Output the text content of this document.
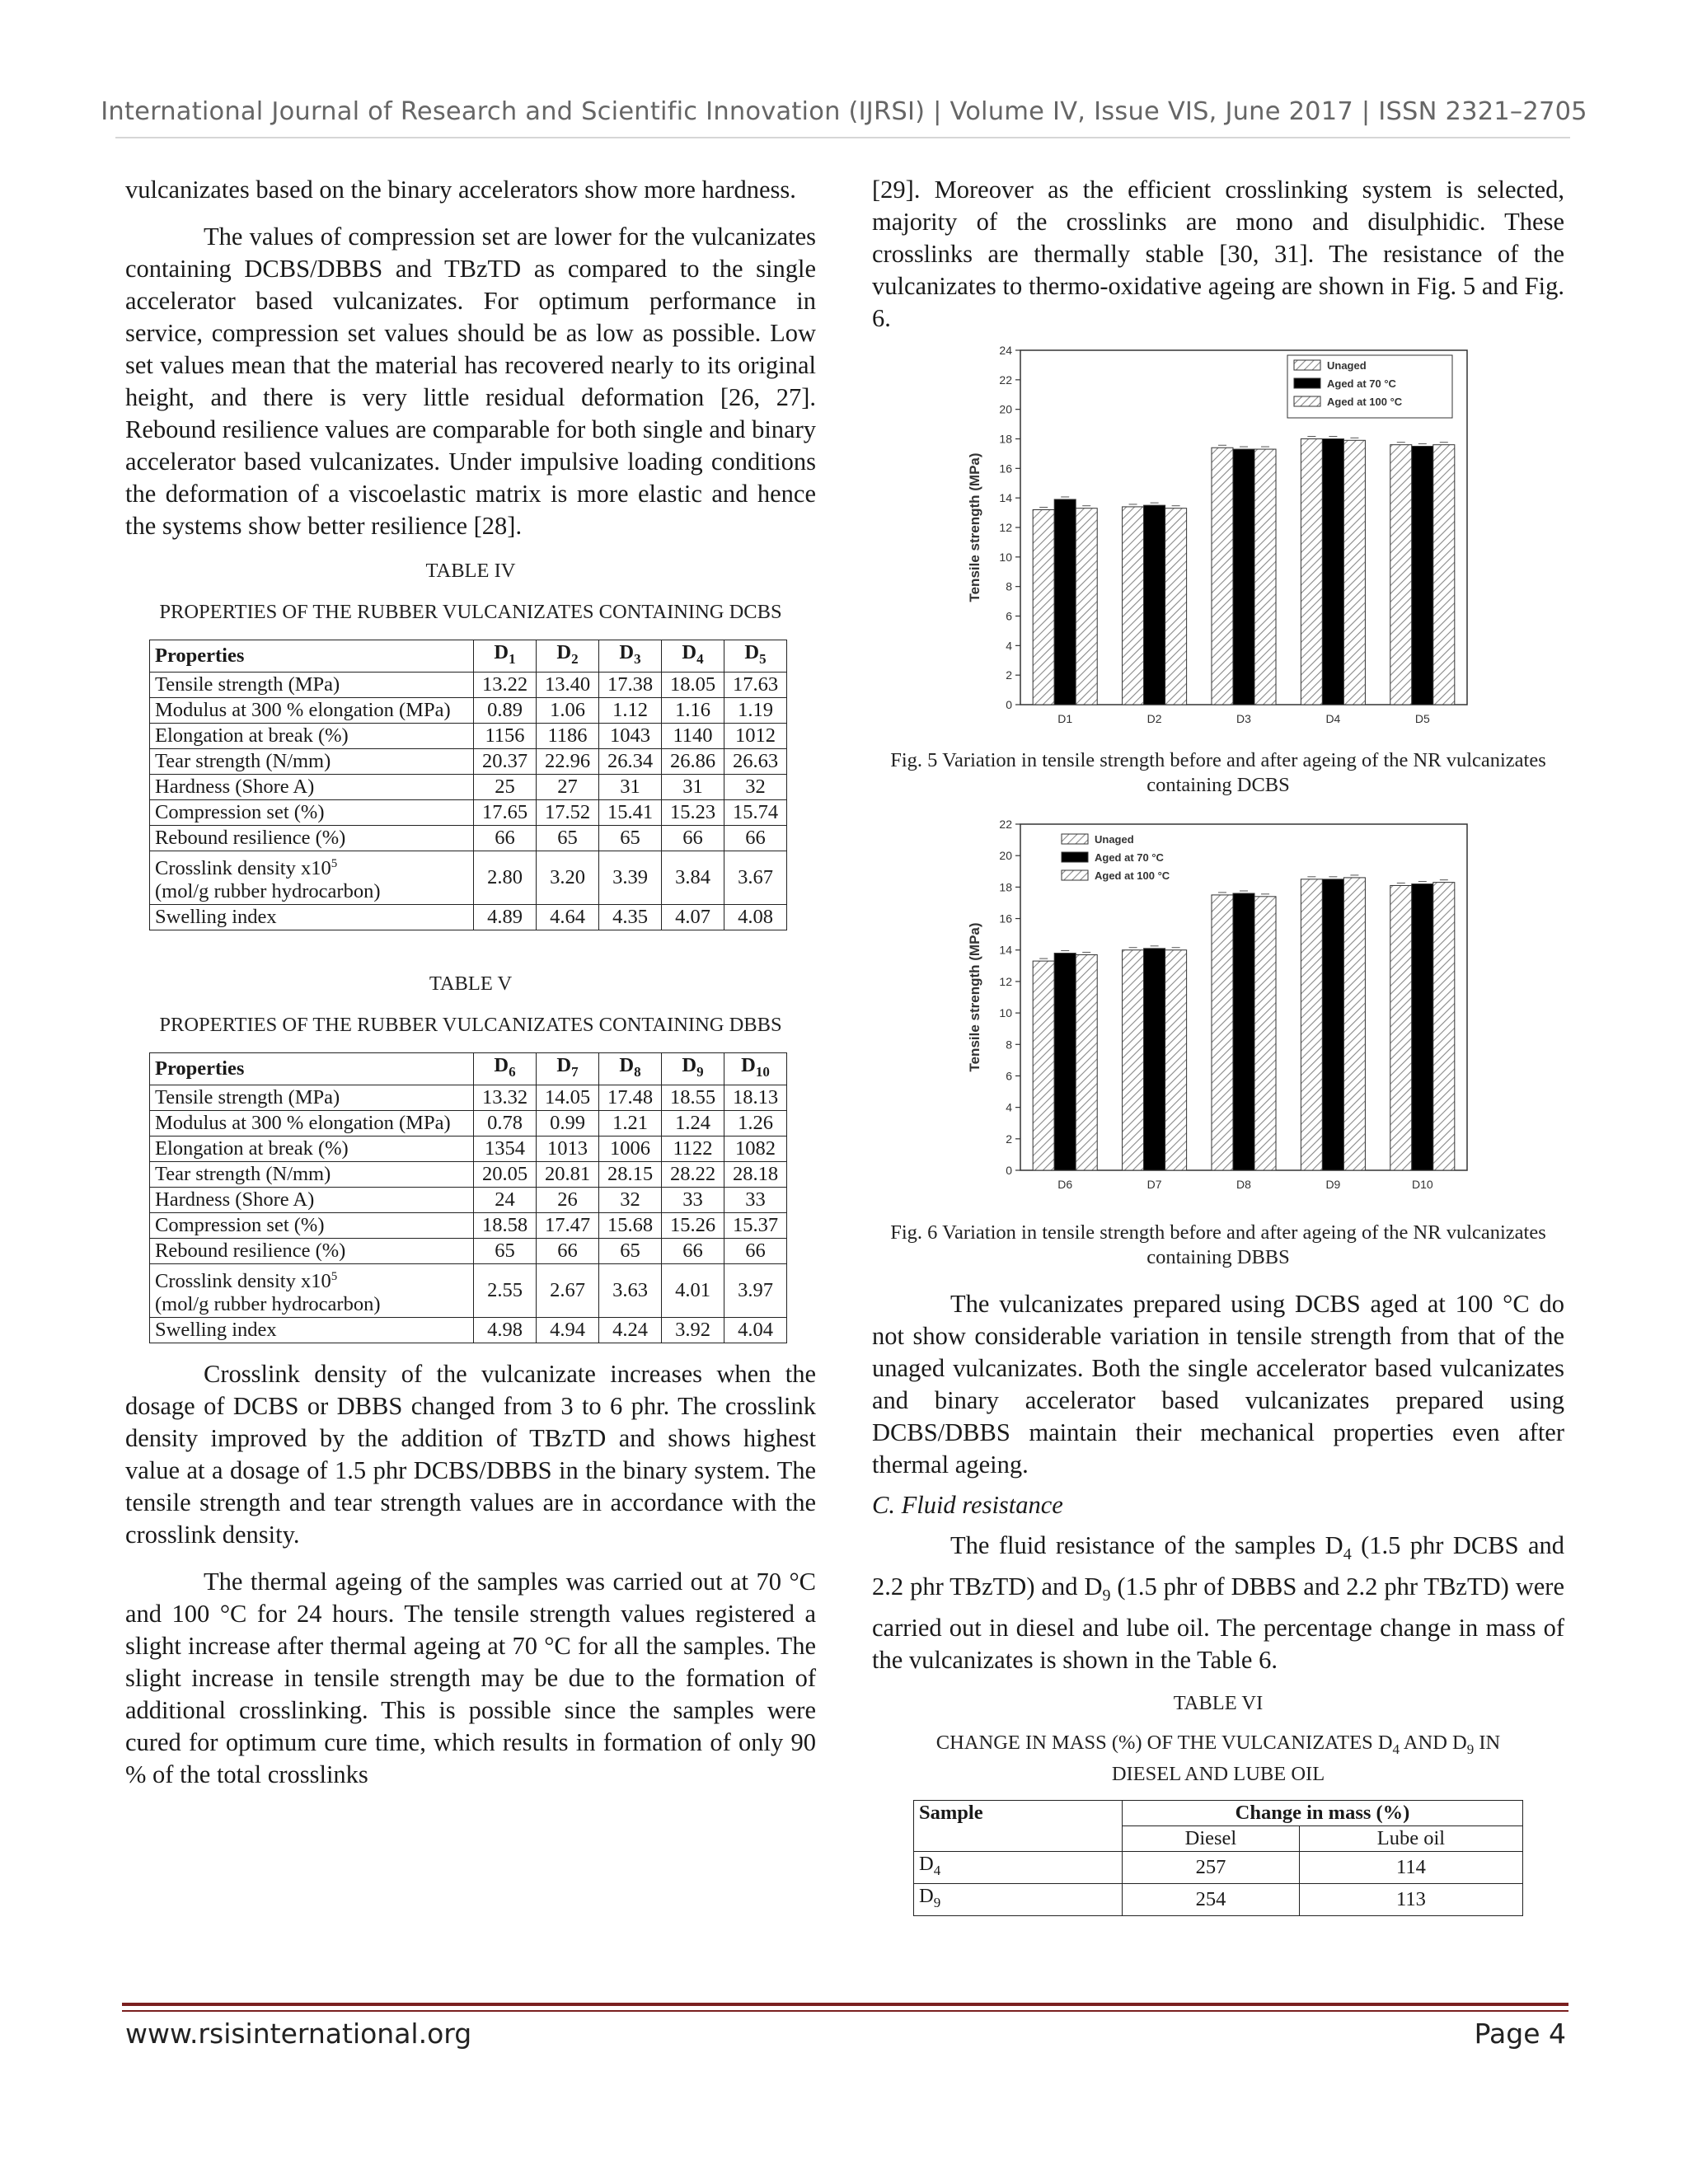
International Journal of Research and Scientific Innovation (IJRSI) | Volume IV, Issue VIS, June 2017 | ISSN 2321–2705

vulcanizates based on the binary accelerators show more hardness.

The values of compression set are lower for the vulcanizates containing DCBS/DBBS and TBzTD as compared to the single accelerator based vulcanizates. For optimum performance in service, compression set values should be as low as possible. Low set values mean that the material has recovered nearly to its original height, and there is very little residual deformation [26, 27]. Rebound resilience values are comparable for both single and binary accelerator based vulcanizates. Under impulsive loading conditions the deformation of a viscoelastic matrix is more elastic and hence the systems show better resilience [28].

TABLE IV
PROPERTIES OF THE RUBBER VULCANIZATES CONTAINING DCBS
Properties	$D_1$	$D_2$	$D_3$	$D_4$	$D_5$
Tensile strength (MPa)	13.22	13.40	17.38	18.05	17.63
Modulus at 300 % elongation (MPa)	0.89	1.06	1.12	1.16	1.19
Elongation at break (%)	1156	1186	1043	1140	1012
Tear strength (N/mm)	20.37	22.96	26.34	26.86	26.63
Hardness (Shore A)	25	27	31	31	32
Compression set (%)	17.65	17.52	15.41	15.23	15.74
Rebound resilience (%)	66	65	65	66	66
Crosslink density $x10^5$
(mol/g rubber hydrocarbon)	2.80	3.20	3.39	3.84	3.67
Swelling index	4.89	4.64	4.35	4.07	4.08
TABLE V
PROPERTIES OF THE RUBBER VULCANIZATES CONTAINING DBBS
Properties	$D_6$	$D_7$	$D_8$	$D_9$	$D_{10}$
Tensile strength (MPa)	13.32	14.05	17.48	18.55	18.13
Modulus at 300 % elongation (MPa)	0.78	0.99	1.21	1.24	1.26
Elongation at break (%)	1354	1013	1006	1122	1082
Tear strength (N/mm)	20.05	20.81	28.15	28.22	28.18
Hardness (Shore A)	24	26	32	33	33
Compression set (%)	18.58	17.47	15.68	15.26	15.37
Rebound resilience (%)	65	66	65	66	66
Crosslink density $x10^5$
(mol/g rubber hydrocarbon)	2.55	2.67	3.63	4.01	3.97
Swelling index	4.98	4.94	4.24	3.92	4.04

Crosslink density of the vulcanizate increases when the dosage of DCBS or DBBS changed from 3 to 6 phr. The crosslink density improved by the addition of TBzTD and shows highest value at a dosage of 1.5 phr DCBS/DBBS in the binary system. The tensile strength and tear strength values are in accordance with the crosslink density.

The thermal ageing of the samples was carried out at 70 °C and 100 °C for 24 hours. The tensile strength values registered a slight increase after thermal ageing at 70 °C for all the samples. The slight increase in tensile strength may be due to the formation of additional crosslinking. This is possible since the samples were cured for optimum cure time, which results in formation of only 90 % of the total crosslinks

[29]. Moreover as the efficient crosslinking system is selected, majority of the crosslinks are mono and disulphidic. These crosslinks are thermally stable [30, 31]. The resistance of the vulcanizates to thermo-oxidative ageing are shown in Fig. 5 and Fig. 6.

0
2
4
6
8
10
12
14
16
18
20
22
24
Tensile strength (MPa)
D1	D2	D3	D4	D5
Unaged
Aged at 70 °C
Aged at 100 °C
Fig. 5 Variation in tensile strength before and after ageing of the NR vulcanizates containing DCBS
0
2
4
6
8
10
12
14
16
18
20
22
Tensile strength (MPa)
D6	D7	D8	D9	D10
Unaged
Aged at 70 °C
Aged at 100 °C
Fig. 6 Variation in tensile strength before and after ageing of the NR vulcanizates containing DBBS

The vulcanizates prepared using DCBS aged at 100 °C do not show considerable variation in tensile strength from that of the unaged vulcanizates. Both the single accelerator based vulcanizates and binary accelerator based vulcanizates prepared using DCBS/DBBS maintain their mechanical properties even after thermal ageing.

C. Fluid resistance

The fluid resistance of the samples $D_4$ (1.5 phr DCBS and 2.2 phr TBzTD) and $D_9$ (1.5 phr of DBBS and 2.2 phr TBzTD) were carried out in diesel and lube oil. The percentage change in mass of the vulcanizates is shown in the Table 6.

TABLE VI
CHANGE IN MASS (%) OF THE VULCANIZATES $D_4$ AND $D_9$ IN DIESEL AND LUBE OIL
Sample	Change in mass (%)	
	Diesel	Lube oil
$D_4$	257	114
$D_9$	254	113
www.rsisinternational.org	Page 4
